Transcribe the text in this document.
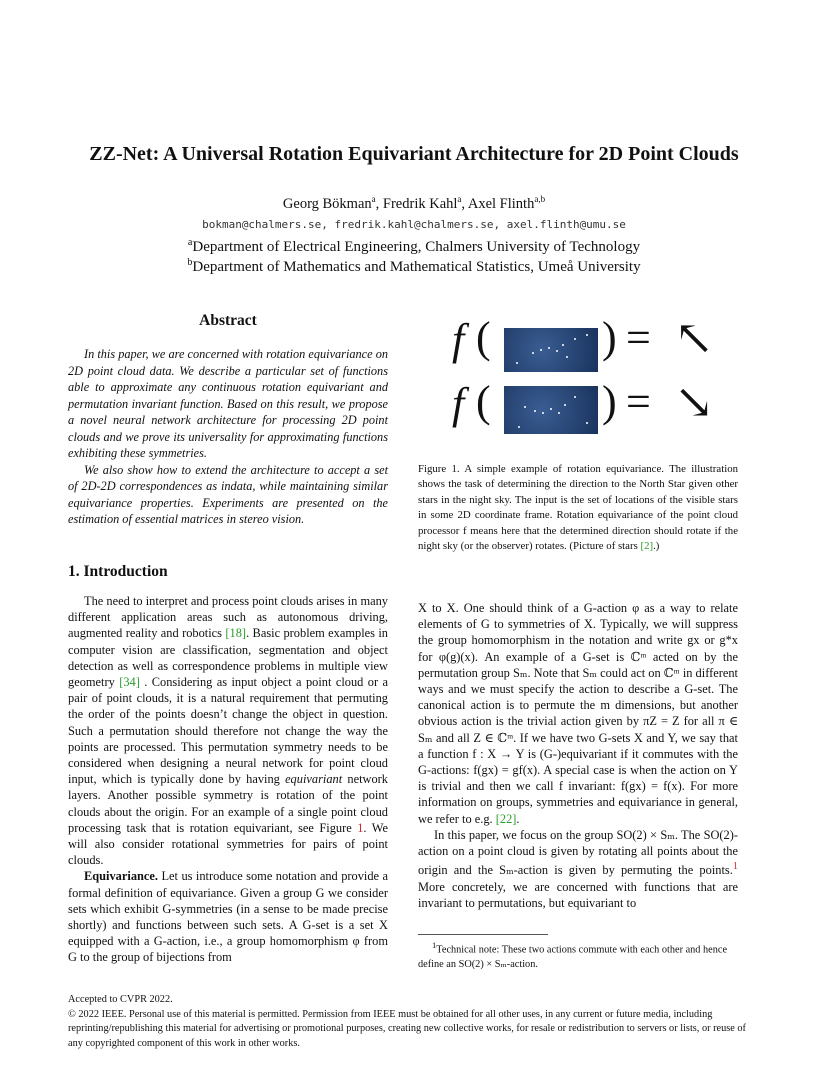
ZZ-Net: A Universal Rotation Equivariant Architecture for 2D Point Clouds
Georg Bökman$^a$, Fredrik Kahl$^a$, Axel Flinth$^{a,b}$
bokman@chalmers.se, fredrik.kahl@chalmers.se, axel.flinth@umu.se
$^a$Department of Electrical Engineering, Chalmers University of Technology
$^b$Department of Mathematics and Mathematical Statistics, Umeå University
Abstract

In this paper, we are concerned with rotation equivariance on 2D point cloud data. We describe a particular set of functions able to approximate any continuous rotation equivariant and permutation invariant function. Based on this result, we propose a novel neural network architecture for processing 2D point clouds and we prove its universality for approximating functions exhibiting these symmetries.

We also show how to extend the architecture to accept a set of 2D-2D correspondences as indata, while maintaining similar equivariance properties. Experiments are presented on the estimation of essential matrices in stereo vision.

1. Introduction

The need to interpret and process point clouds arises in many different application areas such as autonomous driving, augmented reality and robotics [18]. Basic problem examples in computer vision are classification, segmentation and object detection as well as correspondence problems in multiple view geometry [34] . Considering as input object a point cloud or a pair of point clouds, it is a natural requirement that permuting the order of the points doesn’t change the object in question. Such a permutation should therefore not change the way the points are processed. This permutation symmetry needs to be considered when designing a neural network for point cloud input, which is typically done by having equivariant network layers. Another possible symmetry is rotation of the point clouds about the origin. For an example of a single point cloud processing task that is rotation equivariant, see Figure 1. We will also consider rotational symmetries for pairs of point clouds.

Equivariance. Let us introduce some notation and provide a formal definition of equivariance. Given a group G we consider sets which exhibit G-symmetries (in a sense to be made precise shortly) and functions between such sets. A G-set is a set X equipped with a G-action, i.e., a group homomorphism φ from G to the group of bijections from

f (	) = ↖
f (	) = ↘
Figure 1. A simple example of rotation equivariance. The illustration shows the task of determining the direction to the North Star given other stars in the night sky. The input is the set of locations of the visible stars in some 2D coordinate frame. Rotation equivariance of the point cloud processor f means here that the determined direction should rotate if the night sky (or the observer) rotates. (Picture of stars [2].)

X to X. One should think of a G-action φ as a way to relate elements of G to symmetries of X. Typically, we will suppress the group homomorphism in the notation and write gx or g*x for φ(g)(x). An example of a G-set is ℂᵐ acted on by the permutation group Sₘ. Note that Sₘ could act on ℂᵐ in different ways and we must specify the action to describe a G-set. The canonical action is to permute the m dimensions, but another obvious action is the trivial action given by πZ = Z for all π ∈ Sₘ and all Z ∈ ℂᵐ. If we have two G-sets X and Y, we say that a function f : X → Y is (G-)equivariant if it commutes with the G-actions: f(gx) = gf(x). A special case is when the action on Y is trivial and then we call f invariant: f(gx) = f(x). For more information on groups, symmetries and equivariance in general, we refer to e.g. [22].

In this paper, we focus on the group SO(2) × Sₘ. The SO(2)-action on a point cloud is given by rotating all points about the origin and the Sₘ-action is given by permuting the points.$^1$ More concretely, we are concerned with functions that are invariant to permutations, but equivariant to

$^1$Technical note: These two actions commute with each other and hence define an SO(2) × Sₘ-action.
Accepted to CVPR 2022.
© 2022 IEEE. Personal use of this material is permitted. Permission from IEEE must be obtained for all other uses, in any current or future media, including reprinting/republishing this material for advertising or promotional purposes, creating new collective works, for resale or redistribution to servers or lists, or reuse of any copyrighted component of this work in other works.
